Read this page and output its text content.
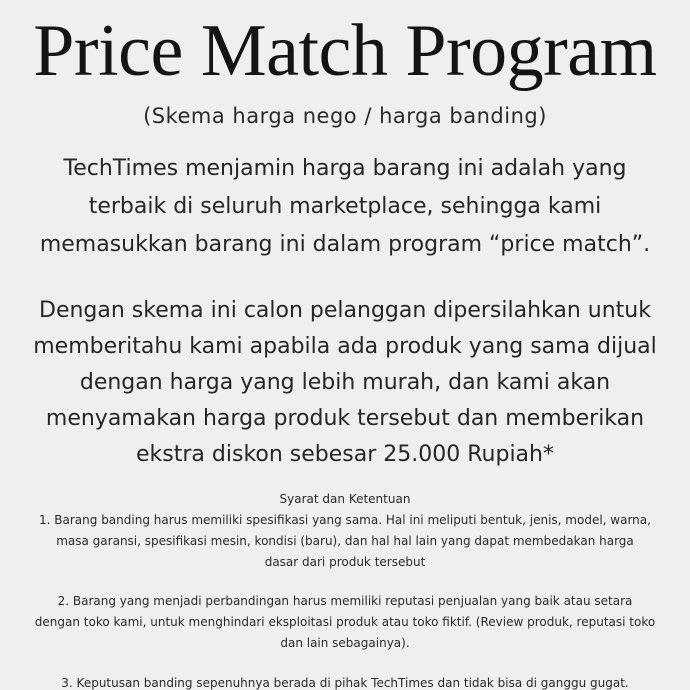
Price Match Program
(Skema harga nego / harga banding)
TechTimes menjamin harga barang ini adalah yang
terbaik di seluruh marketplace, sehingga kami
memasukkan barang ini dalam program “price match”.
Dengan skema ini calon pelanggan dipersilahkan untuk
memberitahu kami apabila ada produk yang sama dijual
dengan harga yang lebih murah, dan kami akan
menyamakan harga produk tersebut dan memberikan
ekstra diskon sebesar 25.000 Rupiah*
Syarat dan Ketentuan
1. Barang banding harus memiliki spesifikasi yang sama. Hal ini meliputi bentuk, jenis, model, warna,
masa garansi, spesifikasi mesin, kondisi (baru), dan hal hal lain yang dapat membedakan harga
dasar dari produk tersebut
2. Barang yang menjadi perbandingan harus memiliki reputasi penjualan yang baik atau setara
dengan toko kami, untuk menghindari eksploitasi produk atau toko fiktif. (Review produk, reputasi toko
dan lain sebagainya).
3. Keputusan banding sepenuhnya berada di pihak TechTimes dan tidak bisa di ganggu gugat.
